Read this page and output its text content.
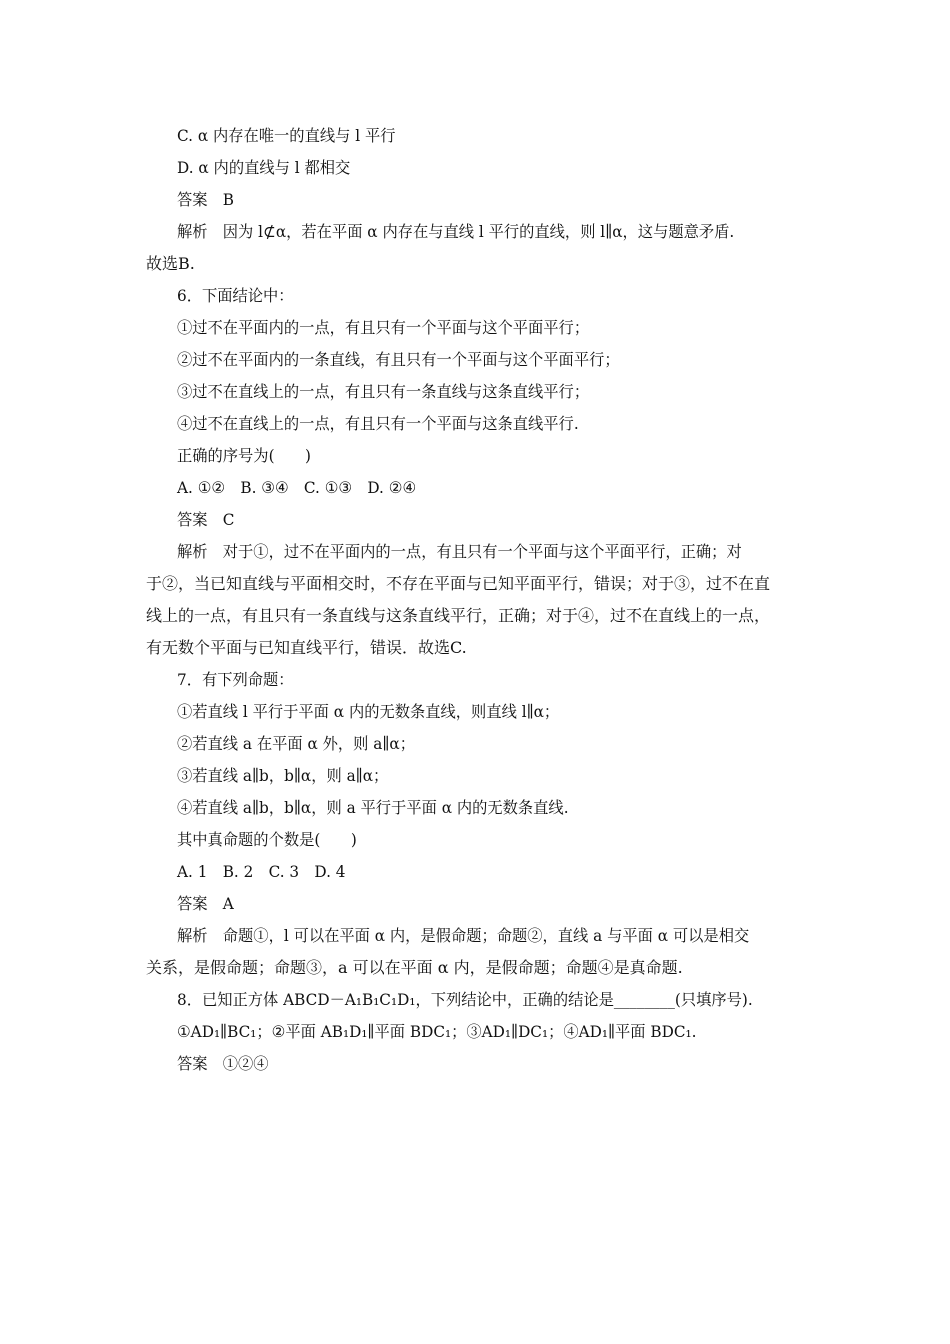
C. α 内存在唯一的直线与 l 平行
D. α 内的直线与 l 都相交
答案　B
解析　因为 l⊄α，若在平面 α 内存在与直线 l 平行的直线，则 l∥α，这与题意矛盾.
故选B.
6．下面结论中：
①过不在平面内的一点，有且只有一个平面与这个平面平行；
②过不在平面内的一条直线，有且只有一个平面与这个平面平行；
③过不在直线上的一点，有且只有一条直线与这条直线平行；
④过不在直线上的一点，有且只有一个平面与这条直线平行.
正确的序号为(　　)
A. ①②　B. ③④　C. ①③　D. ②④
答案　C
解析　对于①，过不在平面内的一点，有且只有一个平面与这个平面平行，正确；对
于②，当已知直线与平面相交时，不存在平面与已知平面平行，错误；对于③，过不在直
线上的一点，有且只有一条直线与这条直线平行，正确；对于④，过不在直线上的一点，
有无数个平面与已知直线平行，错误．故选C.
7．有下列命题：
①若直线 l 平行于平面 α 内的无数条直线，则直线 l∥α；
②若直线 a 在平面 α 外，则 a∥α；
③若直线 a∥b，b∥α，则 a∥α；
④若直线 a∥b，b∥α，则 a 平行于平面 α 内的无数条直线.
其中真命题的个数是(　　)
A. 1　B. 2　C. 3　D. 4
答案　A
解析　命题①，l 可以在平面 α 内，是假命题；命题②，直线 a 与平面 α 可以是相交
关系，是假命题；命题③，a 可以在平面 α 内，是假命题；命题④是真命题.
8．已知正方体 ABCD－A₁B₁C₁D₁，下列结论中，正确的结论是________(只填序号).
①AD₁∥BC₁；②平面 AB₁D₁∥平面 BDC₁；③AD₁∥DC₁；④AD₁∥平面 BDC₁.
答案　①②④
